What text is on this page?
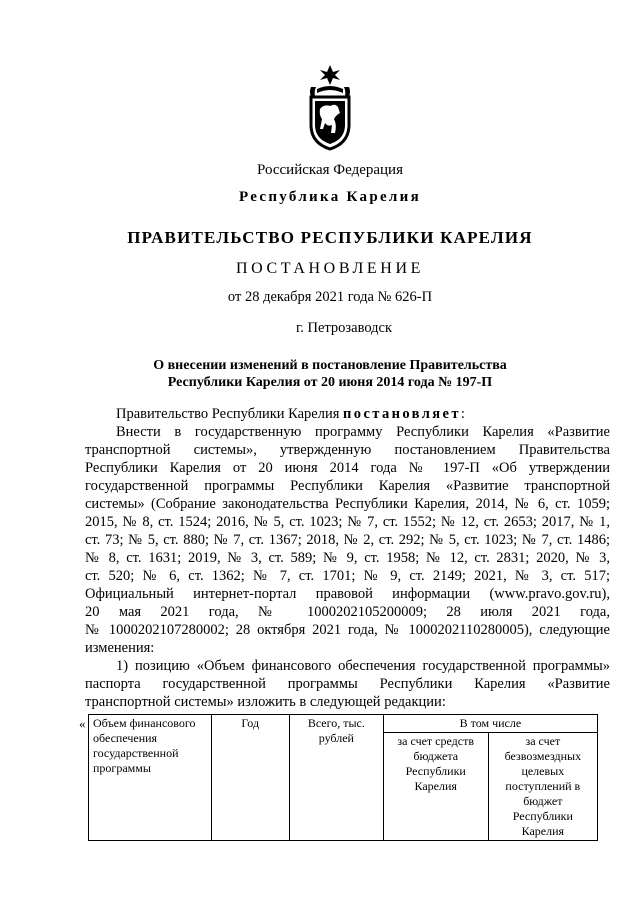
Российская Федерация
Республика Карелия
ПРАВИТЕЛЬСТВО РЕСПУБЛИКИ КАРЕЛИЯ
ПОСТАНОВЛЕНИЕ
от 28 декабря 2021 года № 626-П
г. Петрозаводск
О внесении изменений в постановление Правительства
Республики Карелия от 20 июня 2014 года № 197-П
Правительство Республики Карелия постановляет:
Внести в государственную программу Республики Карелия «Развитие
транспортной системы», утвержденную постановлением Правительства
Республики Карелия от 20 июня 2014 года № 197-П «Об утверждении
государственной программы Республики Карелия «Развитие транспортной
системы» (Собрание законодательства Республики Карелия, 2014, № 6, ст. 1059;
2015, № 8, ст. 1524; 2016, № 5, ст. 1023; № 7, ст. 1552; № 12, ст. 2653; 2017, № 1,
ст. 73; № 5, ст. 880; № 7, ст. 1367; 2018, № 2, ст. 292; № 5, ст. 1023; № 7, ст. 1486;
№ 8, ст. 1631; 2019, № 3, ст. 589; № 9, ст. 1958; № 12, ст. 2831; 2020, № 3,
ст. 520; № 6, ст. 1362; № 7, ст. 1701; № 9, ст. 2149; 2021, № 3, ст. 517;
Официальный интернет-портал правовой информации (www.pravo.gov.ru),
20 мая 2021 года, № 1000202105200009; 28 июля 2021 года,
№ 1000202107280002; 28 октября 2021 года, № 1000202110280005), следующие
изменения:
1) позицию «Объем финансового обеспечения государственной программы»
паспорта государственной программы Республики Карелия «Развитие
транспортной системы» изложить в следующей редакции:
« Объем финансового обеспечения государственной программы	Год	Всего, тыс. рублей	В том числе	
			за счет средств бюджета Республики Карелия	за счет безвозмездных целевых поступлений в бюджет Республики Карелия
